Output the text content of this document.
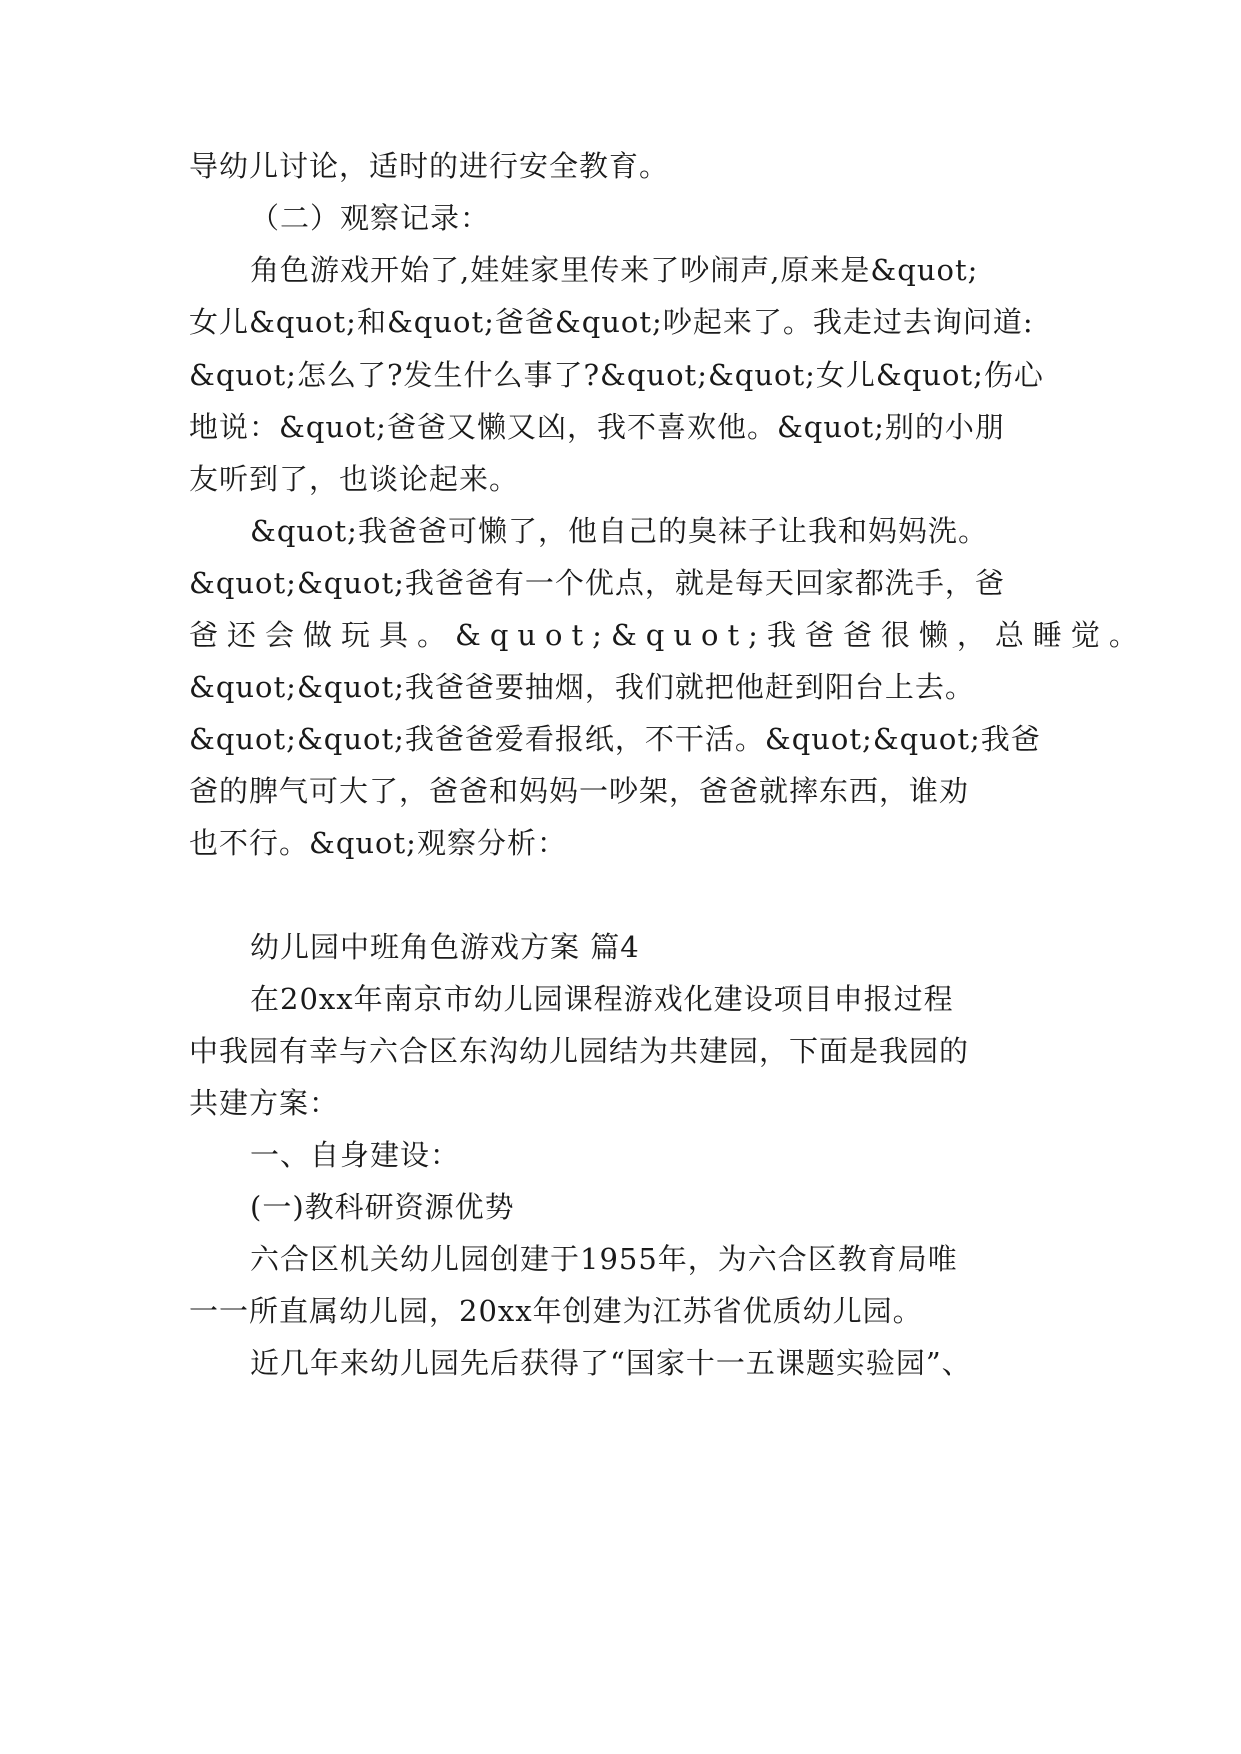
导幼儿讨论，适时的进行安全教育。
（二）观察记录：
角色游戏开始了,娃娃家里传来了吵闹声,原来是&quot;
女儿&quot;和&quot;爸爸&quot;吵起来了。我走过去询问道:
&quot;怎么了?发生什么事了?&quot;&quot;女儿&quot;伤心
地说：&quot;爸爸又懒又凶，我不喜欢他。&quot;别的小朋
友听到了，也谈论起来。
&quot;我爸爸可懒了，他自己的臭袜子让我和妈妈洗。
&quot;&quot;我爸爸有一个优点，就是每天回家都洗手，爸
爸还会做玩具。&quot;&quot;我爸爸很懒，总睡觉。
&quot;&quot;我爸爸要抽烟，我们就把他赶到阳台上去。
&quot;&quot;我爸爸爱看报纸，不干活。&quot;&quot;我爸
爸的脾气可大了，爸爸和妈妈一吵架，爸爸就摔东西，谁劝
也不行。&quot;观察分析：
幼儿园中班角色游戏方案 篇4
在20xx年南京市幼儿园课程游戏化建设项目申报过程
中我园有幸与六合区东沟幼儿园结为共建园，下面是我园的
共建方案：
一、自身建设：
(一)教科研资源优势
六合区机关幼儿园创建于1955年，为六合区教育局唯
一一所直属幼儿园，20xx年创建为江苏省优质幼儿园。
近几年来幼儿园先后获得了“国家十一五课题实验园”、
